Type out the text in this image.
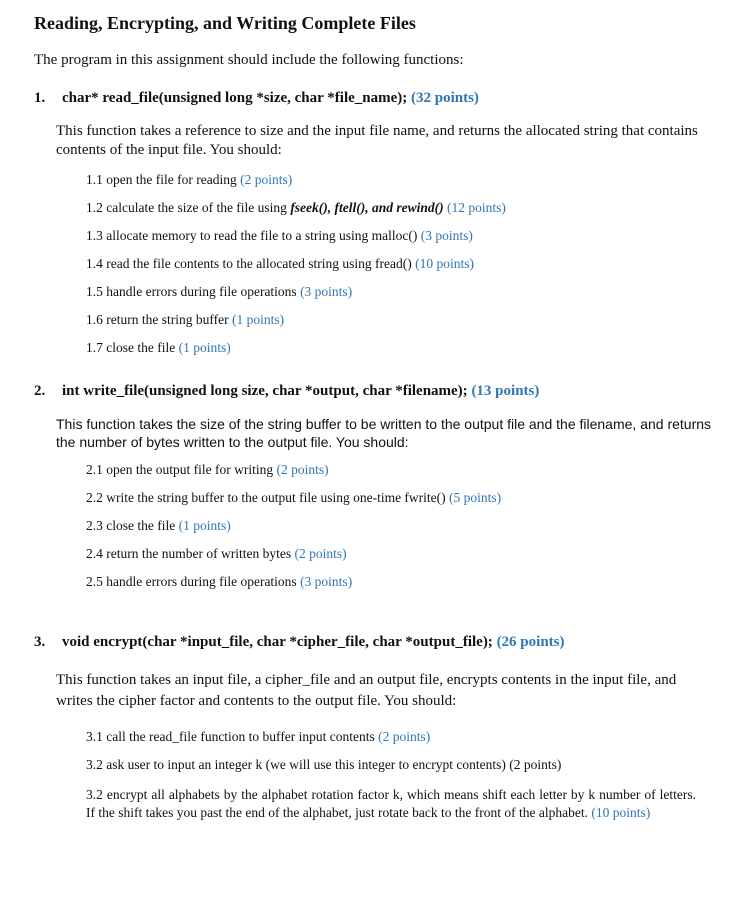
Reading, Encrypting, and Writing Complete Files
The program in this assignment should include the following functions:
1. char* read_file(unsigned long *size, char *file_name); (32 points)
This function takes a reference to size and the input file name, and returns the allocated string that contains contents of the input file. You should:
1.1 open the file for reading (2 points)
1.2 calculate the size of the file using fseek(), ftell(), and rewind() (12 points)
1.3 allocate memory to read the file to a string using malloc() (3 points)
1.4 read the file contents to the allocated string using fread() (10 points)
1.5 handle errors during file operations (3 points)
1.6 return the string buffer (1 points)
1.7 close the file (1 points)
2. int write_file(unsigned long size, char *output, char *filename); (13 points)
This function takes the size of the string buffer to be written to the output file and the filename, and returns the number of bytes written to the output file. You should:
2.1 open the output file for writing (2 points)
2.2 write the string buffer to the output file using one-time fwrite() (5 points)
2.3 close the file (1 points)
2.4 return the number of written bytes (2 points)
2.5 handle errors during file operations (3 points)
3. void encrypt(char *input_file, char *cipher_file, char *output_file); (26 points)
This function takes an input file, a cipher_file and an output file, encrypts contents in the input file, and writes the cipher factor and contents to the output file. You should:
3.1 call the read_file function to buffer input contents (2 points)
3.2 ask user to input an integer k (we will use this integer to encrypt contents) (2 points)
3.2 encrypt all alphabets by the alphabet rotation factor k, which means shift each letter by k number of letters. If the shift takes you past the end of the alphabet, just rotate back to the front of the alphabet. (10 points)
